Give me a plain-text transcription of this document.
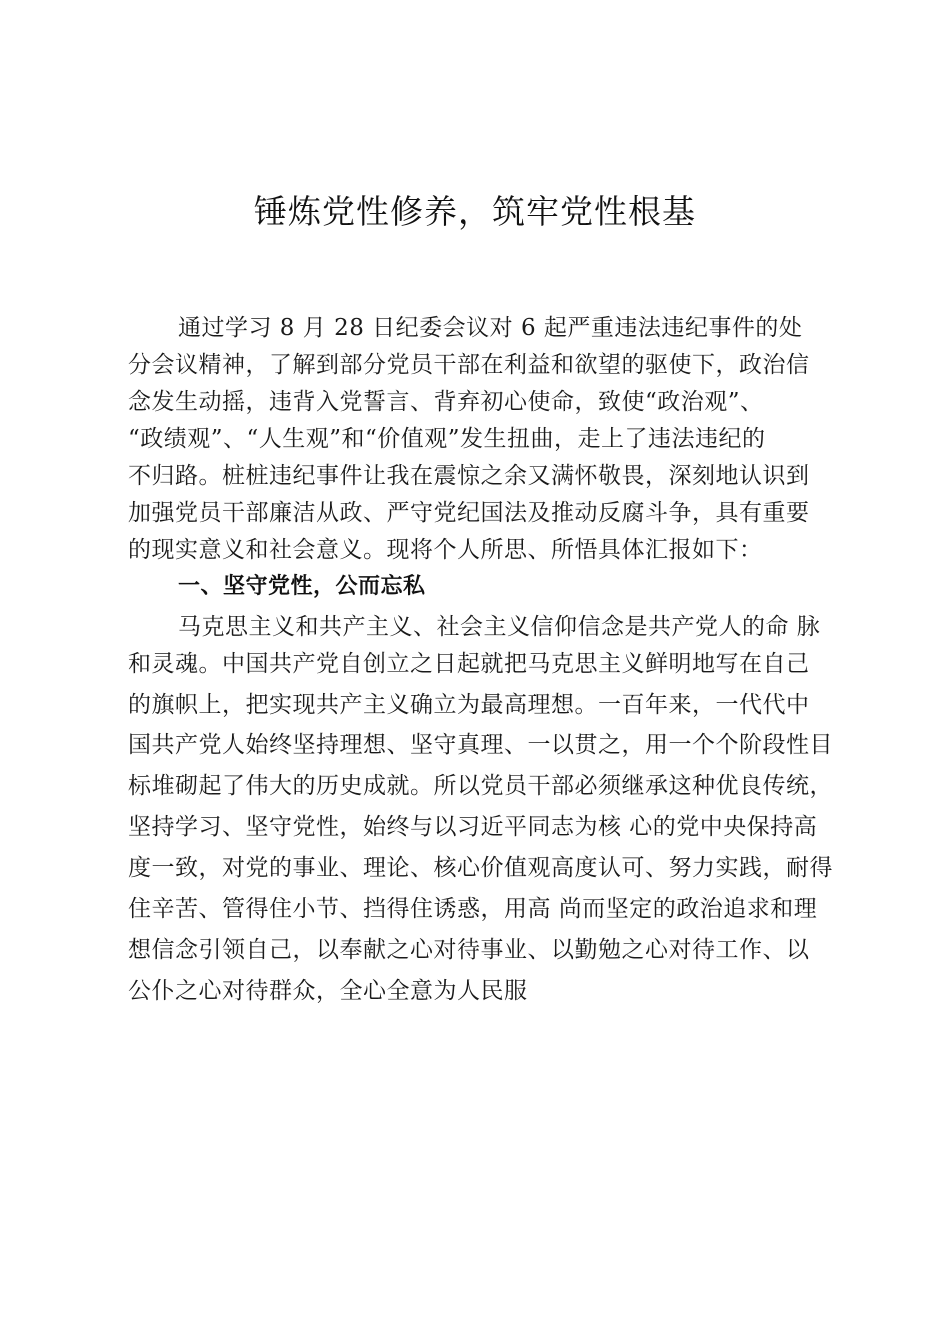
锤炼党性修养，筑牢党性根基
通过学习 8 月 28 日纪委会议对 6 起严重违法违纪事件的处
分会议精神，了解到部分党员干部在利益和欲望的驱使下，政治信
念发生动摇，违背入党誓言、背弃初心使命，致使“政治观”、
“政绩观”、“人生观”和“价值观”发生扭曲，走上了违法违纪的
不归路。桩桩违纪事件让我在震惊之余又满怀敬畏，深刻地认识到
加强党员干部廉洁从政、严守党纪国法及推动反腐斗争，具有重要
的现实意义和社会意义。现将个人所思、所悟具体汇报如下：
一、坚守党性，公而忘私
马克思主义和共产主义、社会主义信仰信念是共产党人的命 脉
和灵魂。中国共产党自创立之日起就把马克思主义鲜明地写在自己
的旗帜上，把实现共产主义确立为最高理想。一百年来，一代代中
国共产党人始终坚持理想、坚守真理、一以贯之，用一个个阶段性目
标堆砌起了伟大的历史成就。所以党员干部必须继承这种优良传统，
坚持学习、坚守党性，始终与以习近平同志为核 心的党中央保持高
度一致，对党的事业、理论、核心价值观高度认可、努力实践，耐得
住辛苦、管得住小节、挡得住诱惑，用高 尚而坚定的政治追求和理
想信念引领自己，以奉献之心对待事业、以勤勉之心对待工作、以
公仆之心对待群众，全心全意为人民服
